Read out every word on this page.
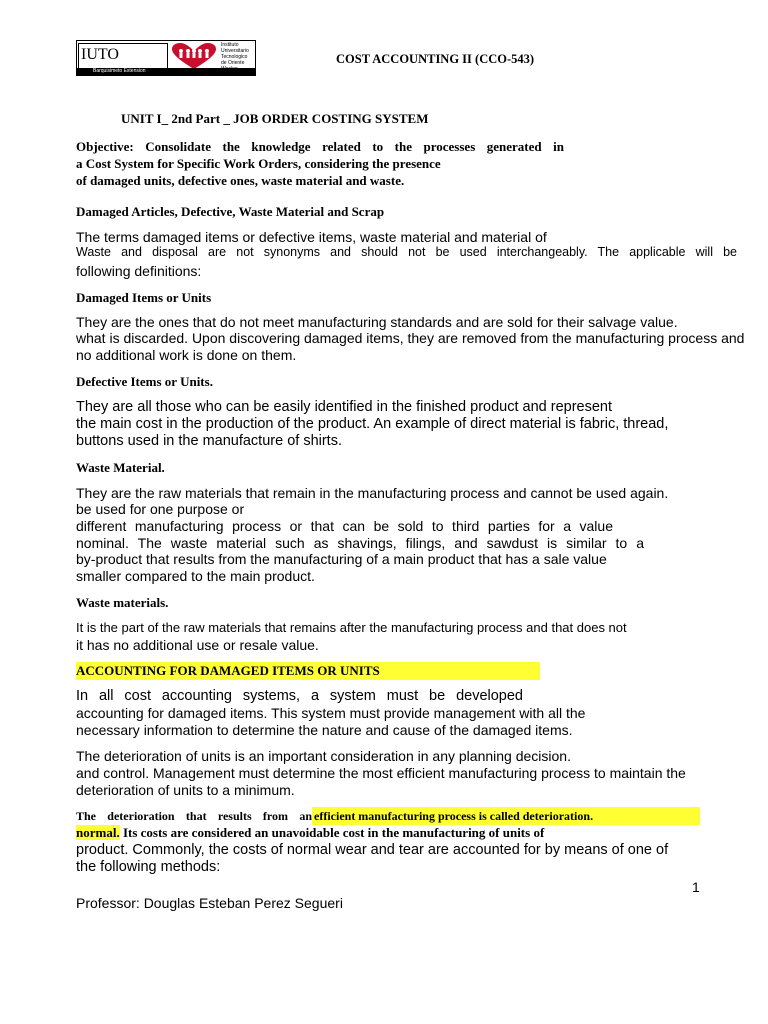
IUTO
Instituto
Universitario
Tecnologico
de Oriente
Barquisimeto Extension
COST ACCOUNTING II (CCO-543)
UNIT I_ 2nd Part _ JOB ORDER COSTING SYSTEM
Objective: Consolidate the knowledge related to the processes generated in
a Cost System for Specific Work Orders, considering the presence
of damaged units, defective ones, waste material and waste.
Damaged Articles, Defective, Waste Material and Scrap
The terms damaged items or defective items, waste material and material of
Waste and disposal are not synonyms and should not be used interchangeably. The applicable will be
following definitions:
Damaged Items or Units
They are the ones that do not meet manufacturing standards and are sold for their salvage value.
what is discarded. Upon discovering damaged items, they are removed from the manufacturing process and
no additional work is done on them.
Defective Items or Units.
They are all those who can be easily identified in the finished product and represent
the main cost in the production of the product. An example of direct material is fabric, thread,
buttons used in the manufacture of shirts.
Waste Material.
They are the raw materials that remain in the manufacturing process and cannot be used again.
be used for one purpose or
different manufacturing process or that can be sold to third parties for a value
nominal. The waste material such as shavings, filings, and sawdust is similar to a
by-product that results from the manufacturing of a main product that has a sale value
smaller compared to the main product.
Waste materials.
It is the part of the raw materials that remains after the manufacturing process and that does not
it has no additional use or resale value.
ACCOUNTING FOR DAMAGED ITEMS OR UNITS
In all cost accounting systems, a system must be developed
accounting for damaged items. This system must provide management with all the
necessary information to determine the nature and cause of the damaged items.
The deterioration of units is an important consideration in any planning decision.
and control. Management must determine the most efficient manufacturing process to maintain the
deterioration of units to a minimum.
The deterioration that results from an efficient manufacturing process is called deterioration.
normal. Its costs are considered an unavoidable cost in the manufacturing of units of
product. Commonly, the costs of normal wear and tear are accounted for by means of one of
the following methods:
1
Professor: Douglas Esteban Perez Segueri
